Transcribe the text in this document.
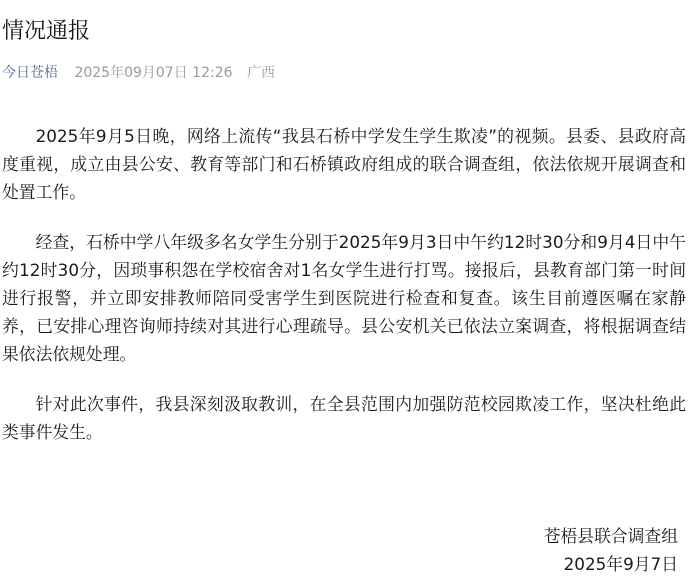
情况通报
今日苍梧 2025年09月07日 12:26 广西

2025年9月5日晚，网络上流传“我县石桥中学发生学生欺凌”的视频。县委、县政府高度重视，成立由县公安、教育等部门和石桥镇政府组成的联合调查组，依法依规开展调查和处置工作。

经查，石桥中学八年级多名女学生分别于2025年9月3日中午约12时30分和9月4日中午约12时30分，因琐事积怨在学校宿舍对1名女学生进行打骂。接报后，县教育部门第一时间进行报警，并立即安排教师陪同受害学生到医院进行检查和复查。该生目前遵医嘱在家静养，已安排心理咨询师持续对其进行心理疏导。县公安机关已依法立案调查，将根据调查结果依法依规处理。

针对此次事件，我县深刻汲取教训，在全县范围内加强防范校园欺凌工作，坚决杜绝此类事件发生。

苍梧县联合调查组
2025年9月7日
